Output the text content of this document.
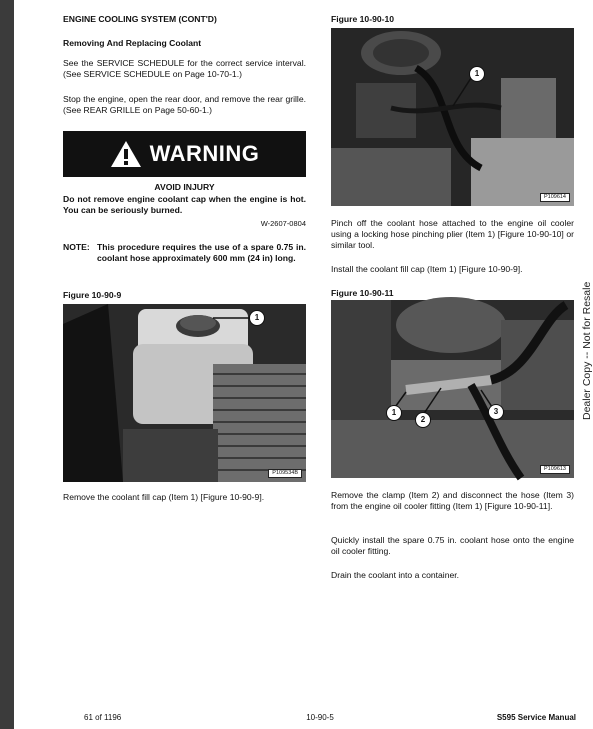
ENGINE COOLING SYSTEM (CONT'D)
Removing And Replacing Coolant
See the SERVICE SCHEDULE for the correct service interval. (See SERVICE SCHEDULE on Page 10-70-1.)
Stop the engine, open the rear door, and remove the rear grille. (See REAR GRILLE on Page 50-60-1.)
WARNING
AVOID INJURY
Do not remove engine coolant cap when the engine is hot. You can be seriously burned.
W-2607-0804
NOTE: This procedure requires the use of a spare 0.75 in. coolant hose approximately 600 mm (24 in) long.
Figure 10-90-9
1
P109534B
Remove the coolant fill cap (Item 1) [Figure 10-90-9].
Figure 10-90-10
1
P109614
Pinch off the coolant hose attached to the engine oil cooler using a locking hose pinching plier (Item 1) [Figure 10-90-10] or similar tool.
Install the coolant fill cap (Item 1) [Figure 10-90-9].
Figure 10-90-11
1
2
3
P109613
Remove the clamp (Item 2) and disconnect the hose (Item 3) from the engine oil cooler fitting (Item 1) [Figure 10-90-11].
Quickly install the spare 0.75 in. coolant hose onto the engine oil cooler fitting.
Drain the coolant into a container.
Dealer Copy -- Not for Resale
61 of 1196	10-90-5	S595 Service Manual
